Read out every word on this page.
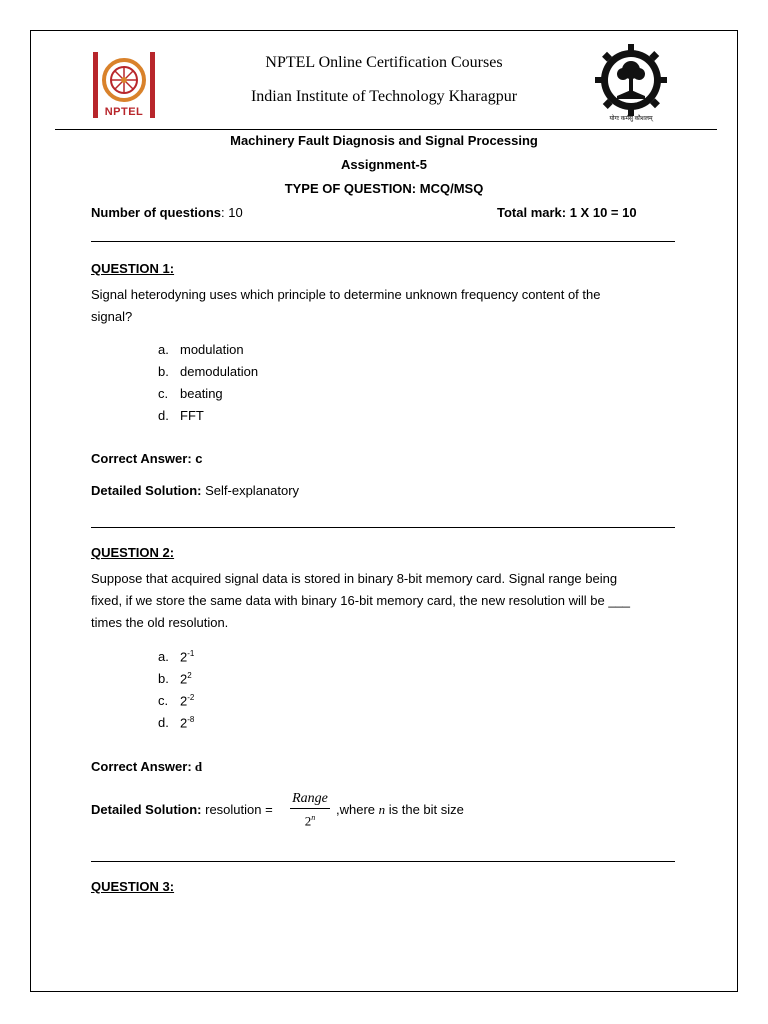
NPTEL
NPTEL Online Certification Courses
Indian Institute of Technology Kharagpur
योगः कर्मसु कौशलम्
Machinery Fault Diagnosis and Signal Processing
Assignment-5
TYPE OF QUESTION: MCQ/MSQ
Number of questions: 10	Total mark: 1 X 10 = 10
QUESTION 1:
Signal heterodyning uses which principle to determine unknown frequency content of the
signal?
a. modulation
b. demodulation
c. beating
d. FFT
Correct Answer: c
Detailed Solution: Self-explanatory
QUESTION 2:
Suppose that acquired signal data is stored in binary 8-bit memory card. Signal range being
fixed, if we store the same data with binary 16-bit memory card, the new resolution will be ___
times the old resolution.
a. $2^{-1}$
b. $2^2$
c. $2^{-2}$
d. $2^{-8}$
Correct Answer: d
Detailed Solution: resolution =
Range
2$^n$
,where n is the bit size
QUESTION 3:
